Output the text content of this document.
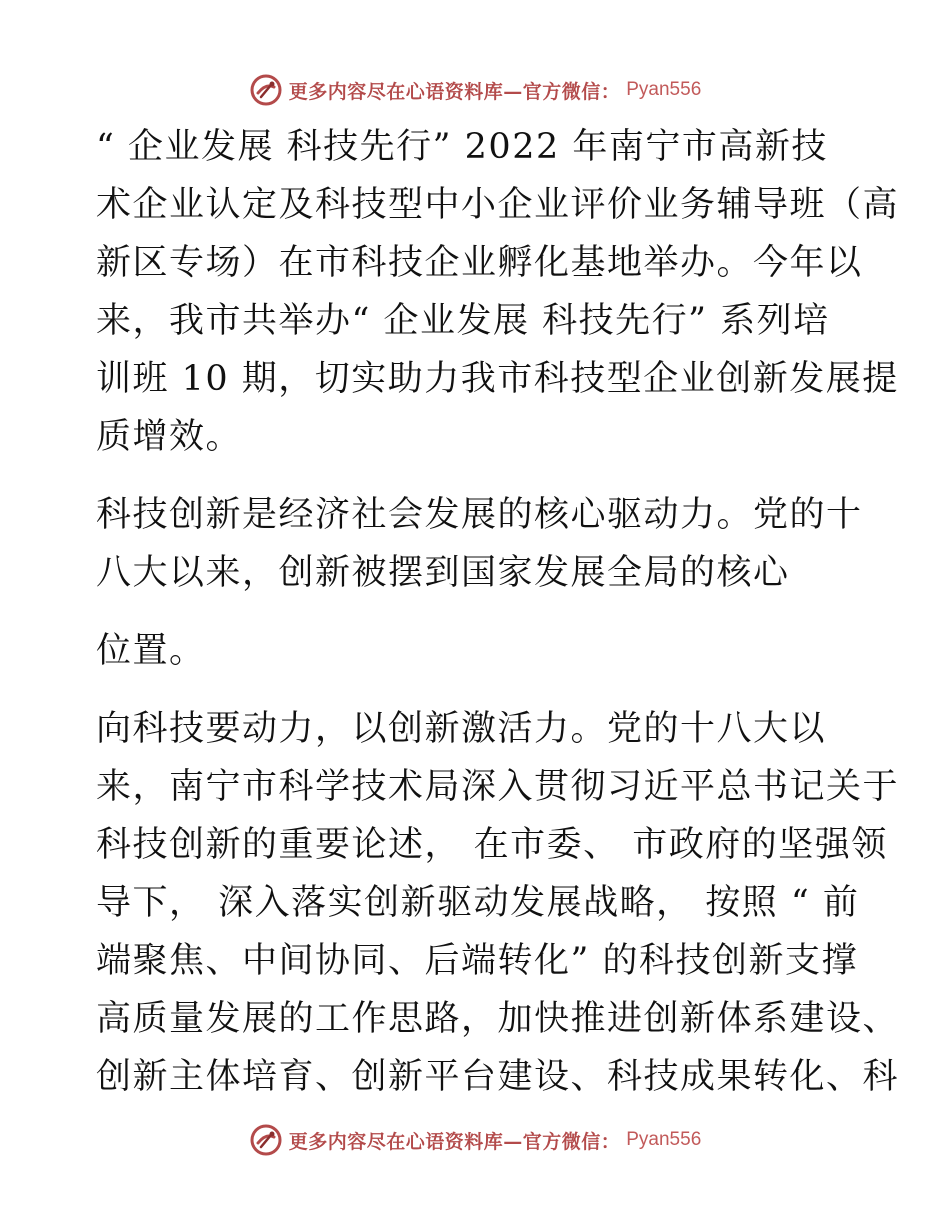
更多内容尽在心语资料库—官方微信： Pyan556

“ 企业发展 科技先行” 2022 年南宁市高新技
术企业认定及科技型中小企业评价业务辅导班（高
新区专场）在市科技企业孵化基地举办。今年以
来，我市共举办“ 企业发展 科技先行” 系列培
训班 10 期，切实助力我市科技型企业创新发展提
质增效。

科技创新是经济社会发展的核心驱动力。党的十
八大以来，创新被摆到国家发展全局的核心

位置。

向科技要动力，以创新激活力。党的十八大以
来，南宁市科学技术局深入贯彻习近平总书记关于
科技创新的重要论述， 在市委、 市政府的坚强领
导下， 深入落实创新驱动发展战略， 按照 “ 前
端聚焦、中间协同、后端转化” 的科技创新支撑
高质量发展的工作思路，加快推进创新体系建设、
创新主体培育、创新平台建设、科技成果转化、科

更多内容尽在心语资料库—官方微信： Pyan556
